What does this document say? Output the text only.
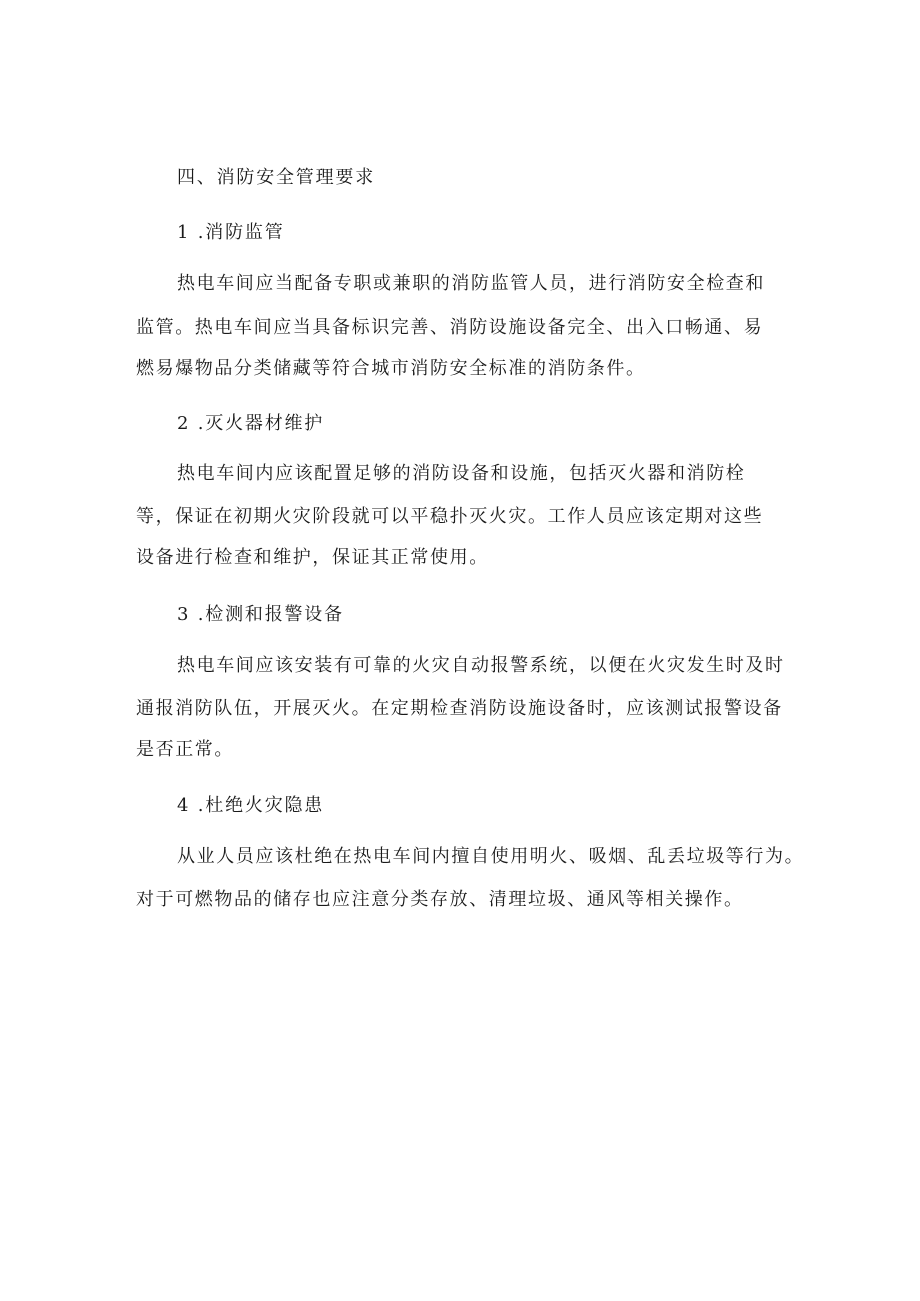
四、消防安全管理要求
1 .消防监管
热电车间应当配备专职或兼职的消防监管人员，进行消防安全检查和
监管。热电车间应当具备标识完善、消防设施设备完全、出入口畅通、易
燃易爆物品分类储藏等符合城市消防安全标准的消防条件。
2 .灭火器材维护
热电车间内应该配置足够的消防设备和设施，包括灭火器和消防栓
等，保证在初期火灾阶段就可以平稳扑灭火灾。工作人员应该定期对这些
设备进行检查和维护，保证其正常使用。
3 .检测和报警设备
热电车间应该安装有可靠的火灾自动报警系统，以便在火灾发生时及时
通报消防队伍，开展灭火。在定期检查消防设施设备时，应该测试报警设备
是否正常。
4 .杜绝火灾隐患
从业人员应该杜绝在热电车间内擅自使用明火、吸烟、乱丢垃圾等行为。
对于可燃物品的储存也应注意分类存放、清理垃圾、通风等相关操作。
